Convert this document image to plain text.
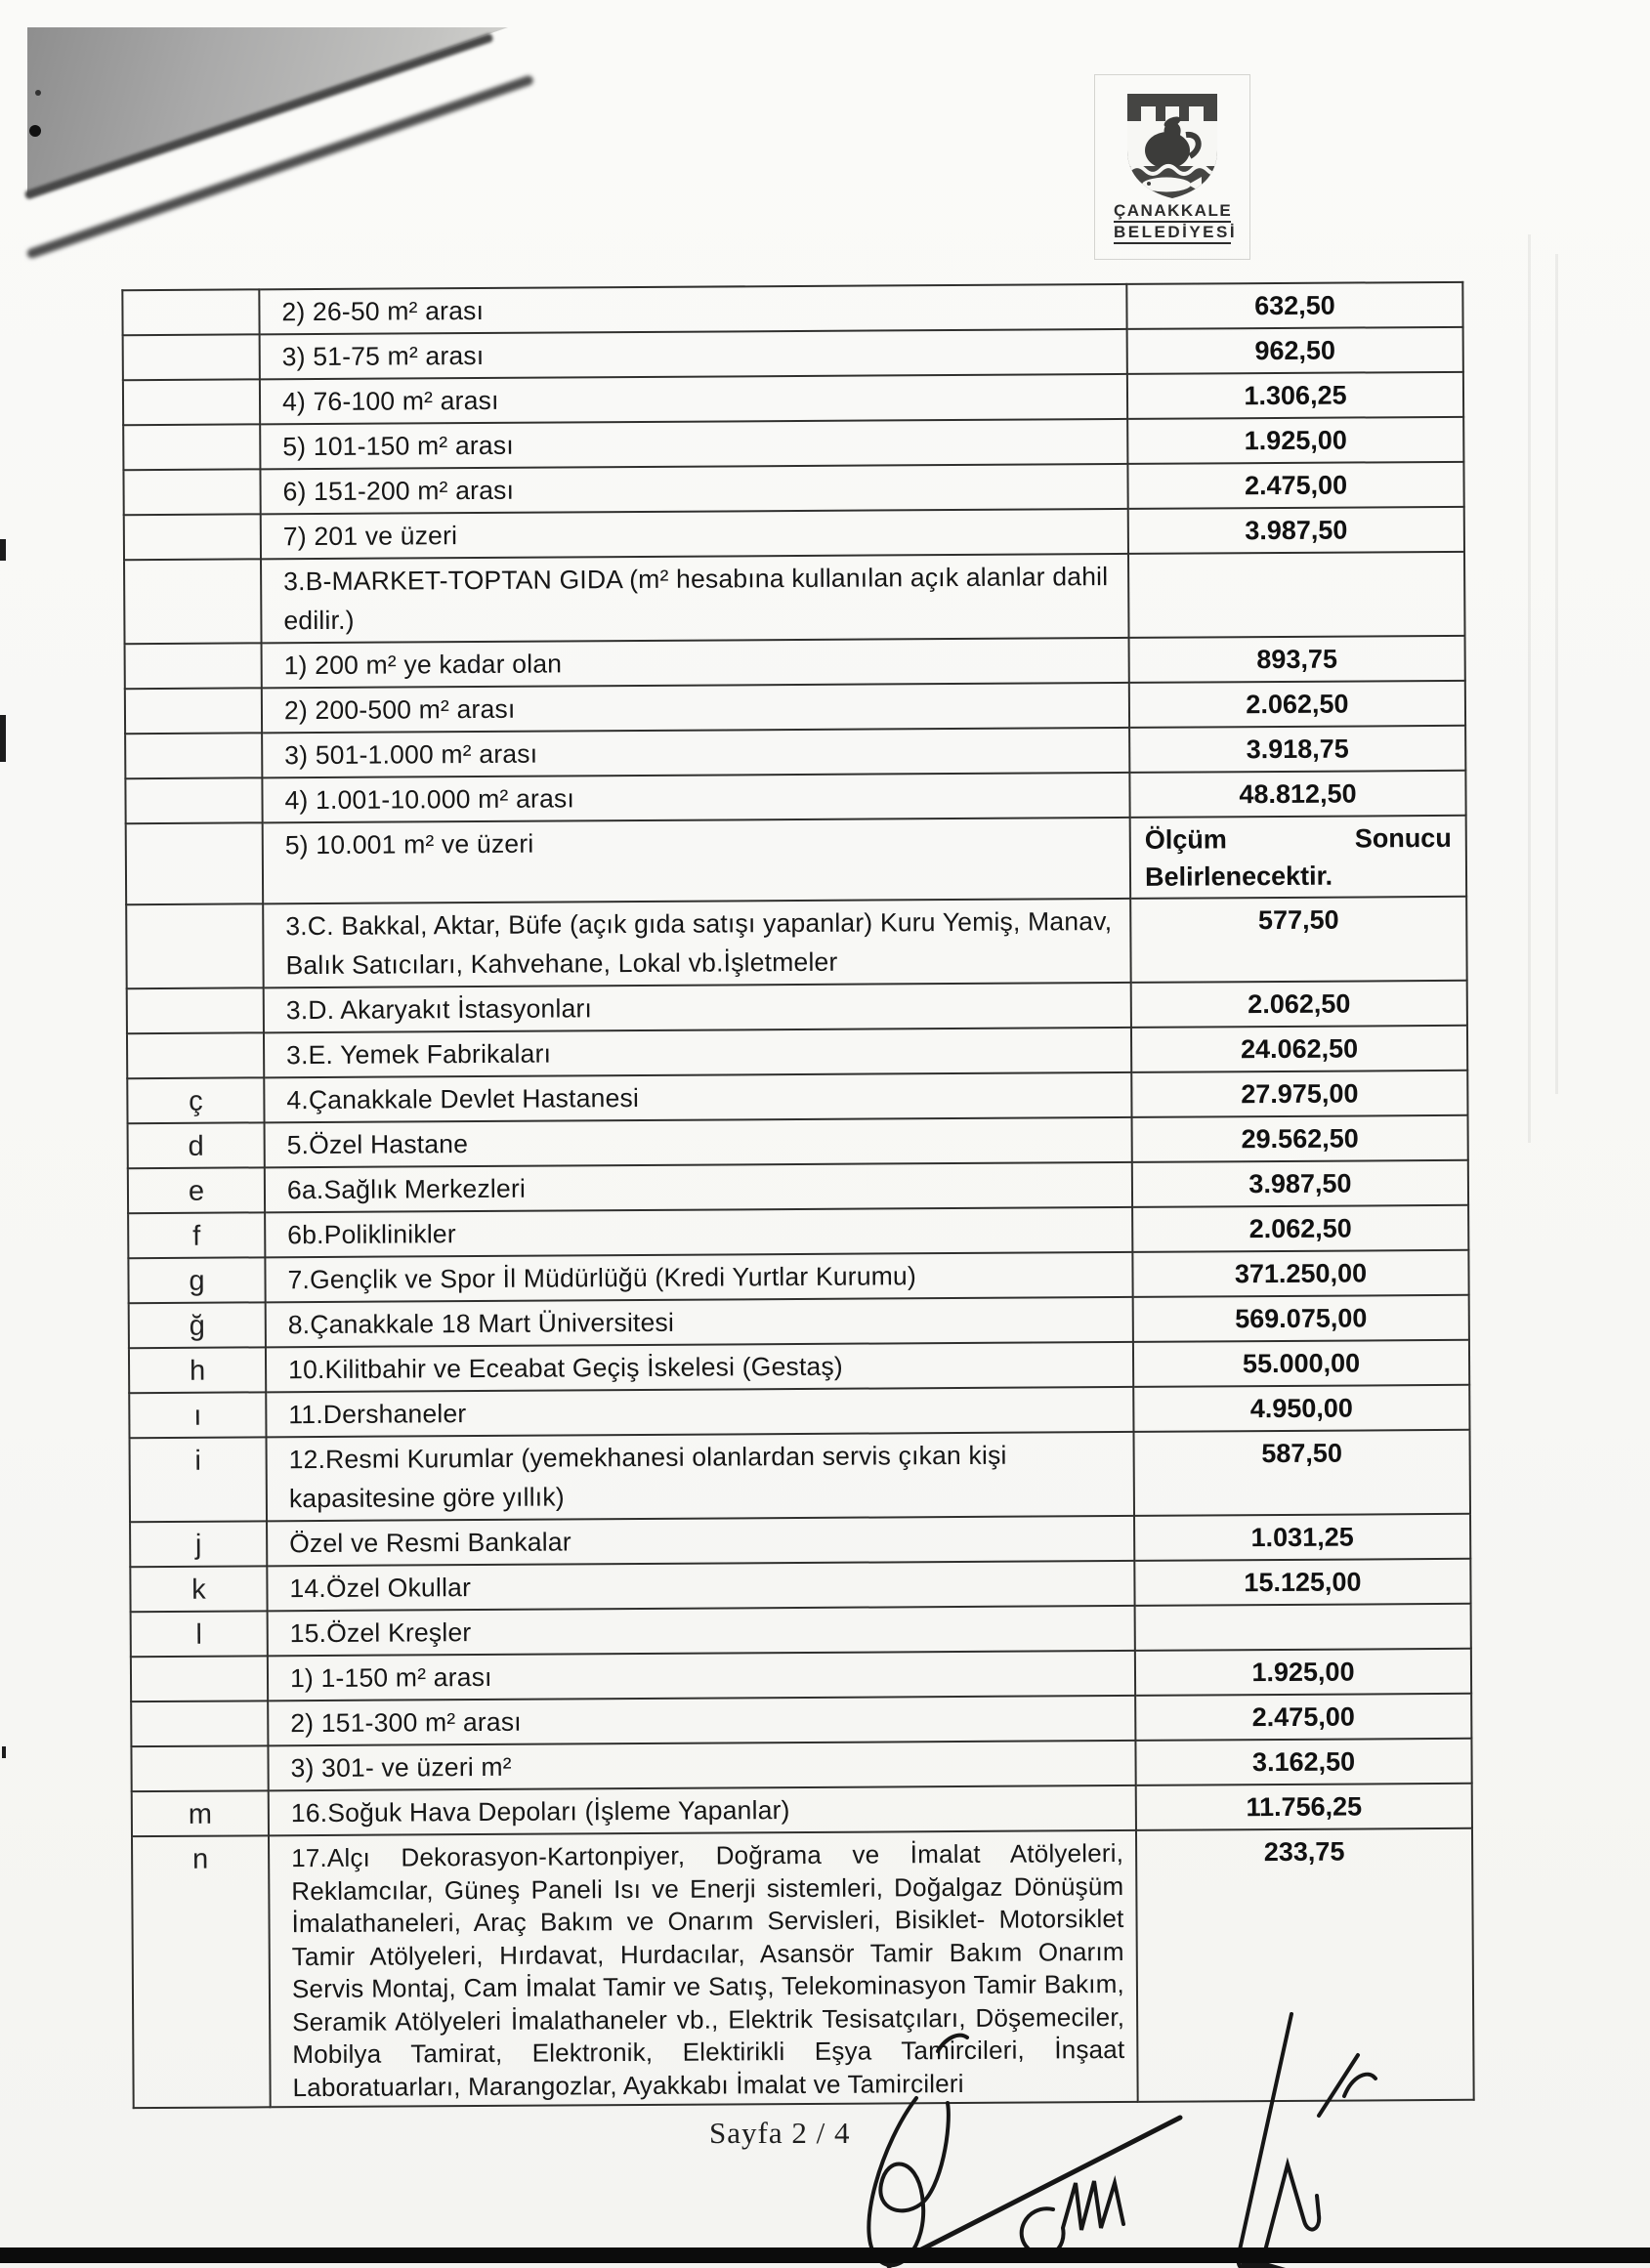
ÇANAKKALE
BELEDİYESİ
	2) 26-50 m² arası	632,50
	3) 51-75 m² arası	962,50
	4) 76-100 m² arası	1.306,25
	5) 101-150 m² arası	1.925,00
	6) 151-200 m² arası	2.475,00
	7) 201 ve üzeri	3.987,50
	3.B-MARKET-TOPTAN GIDA (m² hesabına kullanılan açık alanlar dahil edilir.)	
	1) 200 m² ye kadar olan	893,75
	2) 200-500 m² arası	2.062,50
	3) 501-1.000 m² arası	3.918,75
	4) 1.001-10.000 m² arası	48.812,50
	5) 10.001 m² ve üzeri	Ölçüm Sonucu Belirlenecektir.
	3.C. Bakkal, Aktar, Büfe (açık gıda satışı yapanlar) Kuru Yemiş, Manav, Balık Satıcıları, Kahvehane, Lokal vb.İşletmeler	577,50
	3.D. Akaryakıt İstasyonları	2.062,50
	3.E. Yemek Fabrikaları	24.062,50
ç	4.Çanakkale Devlet Hastanesi	27.975,00
d	5.Özel Hastane	29.562,50
e	6a.Sağlık Merkezleri	3.987,50
f	6b.Poliklinikler	2.062,50
g	7.Gençlik ve Spor İl Müdürlüğü (Kredi Yurtlar Kurumu)	371.250,00
ğ	8.Çanakkale 18 Mart Üniversitesi	569.075,00
h	10.Kilitbahir ve Eceabat Geçiş İskelesi (Gestaş)	55.000,00
ı	11.Dershaneler	4.950,00
i	12.Resmi Kurumlar (yemekhanesi olanlardan servis çıkan kişi kapasitesine göre yıllık)	587,50
j	Özel ve Resmi Bankalar	1.031,25
k	14.Özel Okullar	15.125,00
l	15.Özel Kreşler	
	1) 1-150 m² arası	1.925,00
	2) 151-300 m² arası	2.475,00
	3) 301- ve üzeri m²	3.162,50
m	16.Soğuk Hava Depoları (İşleme Yapanlar)	11.756,25
n	17.Alçı Dekorasyon-Kartonpiyer, Doğrama ve İmalat Atölyeleri, Reklamcılar, Güneş Paneli Isı ve Enerji sistemleri, Doğalgaz Dönüşüm İmalathaneleri, Araç Bakım ve Onarım Servisleri, Bisiklet- Motorsiklet Tamir Atölyeleri, Hırdavat, Hurdacılar, Asansör Tamir Bakım Onarım Servis Montaj, Cam İmalat Tamir ve Satış, Telekominasyon Tamir Bakım, Seramik Atölyeleri İmalathaneler vb., Elektrik Tesisatçıları, Döşemeciler, Mobilya Tamirat, Elektronik, Elektirikli Eşya Tamircileri, İnşaat Laboratuarları, Marangozlar, Ayakkabı İmalat ve Tamircileri	233,75
Sayfa 2 / 4
